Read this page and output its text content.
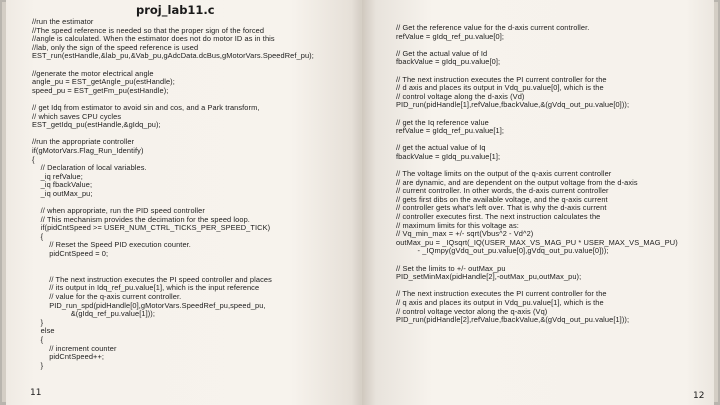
proj_lab11.c
//run the estimator
//The speed reference is needed so that the proper sign of the forced
//angle is calculated. When the estimator does not do motor ID as in this
//lab, only the sign of the speed reference is used
EST_run(estHandle,&lab_pu,&Vab_pu,gAdcData.dcBus,gMotorVars.SpeedRef_pu);
//generate the motor electrical angle
angle_pu = EST_getAngle_pu(estHandle);
speed_pu = EST_getFm_pu(estHandle);
// get Idq from estimator to avoid sin and cos, and a Park transform,
// which saves CPU cycles
EST_getIdq_pu(estHandle,&gIdq_pu);
//run the appropriate controller
if(gMotorVars.Flag_Run_Identify)
{
// Declaration of local variables.
_iq refValue;
_iq fbackValue;
_iq outMax_pu;
// when appropriate, run the PID speed controller
// This mechanism provides the decimation for the speed loop.
if(pidCntSpeed >= USER_NUM_CTRL_TICKS_PER_SPEED_TICK)
{
// Reset the Speed PID execution counter.
pidCntSpeed = 0;
// The next instruction executes the PI speed controller and places
// its output in Idq_ref_pu.value[1], which is the input reference
// value for the q-axis current controller.
PID_run_spd(pidHandle[0],gMotorVars.SpeedRef_pu,speed_pu,
&(gIdq_ref_pu.value[1]));
}
else
{
// increment counter
pidCntSpeed++;
}
11
// Get the reference value for the d-axis current controller.
refValue = gIdq_ref_pu.value[0];
// Get the actual value of Id
fbackValue = gIdq_pu.value[0];
// The next instruction executes the PI current controller for the
// d axis and places its output in Vdq_pu.value[0], which is the
// control voltage along the d-axis (Vd)
PID_run(pidHandle[1],refValue,fbackValue,&(gVdq_out_pu.value[0]));
// get the Iq reference value
refValue = gIdq_ref_pu.value[1];
// get the actual value of Iq
fbackValue = gIdq_pu.value[1];
// The voltage limits on the output of the q-axis current controller
// are dynamic, and are dependent on the output voltage from the d-axis
// current controller. In other words, the d-axis current controller
// gets first dibs on the available voltage, and the q-axis current
// controller gets what's left over. That is why the d-axis current
// controller executes first. The next instruction calculates the
// maximum limits for this voltage as:
// Vq_min_max = +/- sqrt(Vbus^2 - Vd^2)
outMax_pu = _IQsqrt(_IQ(USER_MAX_VS_MAG_PU * USER_MAX_VS_MAG_PU)
- _IQmpy(gVdq_out_pu.value[0],gVdq_out_pu.value[0]));
// Set the limits to +/- outMax_pu
PID_setMinMax(pidHandle[2],-outMax_pu,outMax_pu);
// The next instruction executes the PI current controller for the
// q axis and places its output in Vdq_pu.value[1], which is the
// control voltage vector along the q-axis (Vq)
PID_run(pidHandle[2],refValue,fbackValue,&(gVdq_out_pu.value[1]));
12
